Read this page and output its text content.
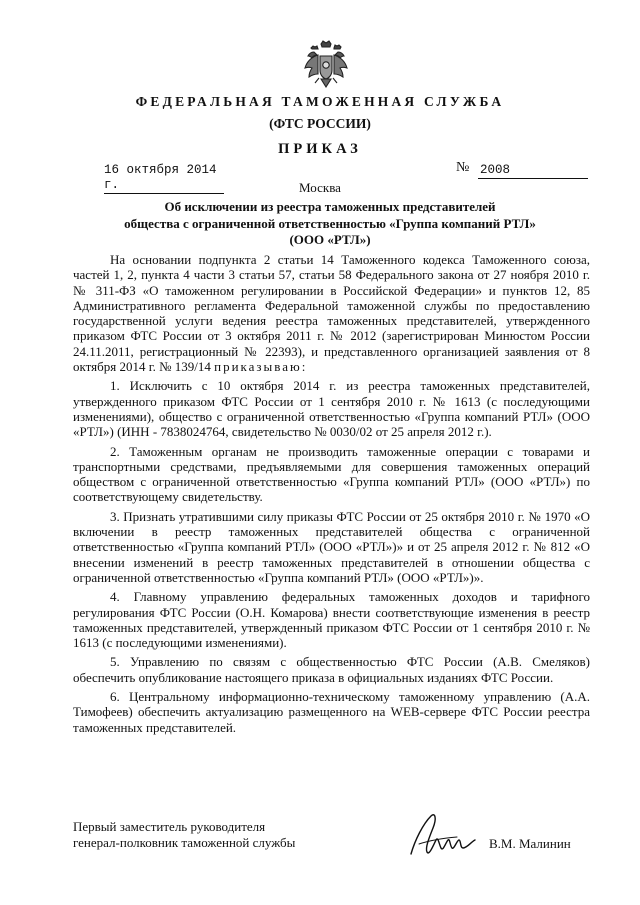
ФЕДЕРАЛЬНАЯ ТАМОЖЕННАЯ СЛУЖБА
(ФТС РОССИИ)
ПРИКАЗ
16 октября 2014 г.
№ 2008
Москва
Об исключении из реестра таможенных представителей
общества с ограниченной ответственностью «Группа компаний РТЛ»
(ООО «РТЛ»)

На основании подпункта 2 статьи 14 Таможенного кодекса Таможенного союза, частей 1, 2, пункта 4 части 3 статьи 57, статьи 58 Федерального закона от 27 ноября 2010 г. № 311-ФЗ «О таможенном регулировании в Российской Федерации» и пунктов 12, 85 Административного регламента Федеральной таможенной службы по предоставлению государственной услуги ведения реестра таможенных представителей, утвержденного приказом ФТС России от 3 октября 2011 г. № 2012 (зарегистрирован Минюстом России 24.11.2011, регистрационный № 22393), и представленного организацией заявления от 8 октября 2014 г. № 139/14 приказываю:

1. Исключить с 10 октября 2014 г. из реестра таможенных представителей, утвержденного приказом ФТС России от 1 сентября 2010 г. № 1613 (с последующими изменениями), общество с ограниченной ответственностью «Группа компаний РТЛ» (ООО «РТЛ») (ИНН - 7838024764, свидетельство № 0030/02 от 25 апреля 2012 г.).

2. Таможенным органам не производить таможенные операции с товарами и транспортными средствами, предъявляемыми для совершения таможенных операций обществом с ограниченной ответственностью «Группа компаний РТЛ» (ООО «РТЛ») по соответствующему свидетельству.

3. Признать утратившими силу приказы ФТС России от 25 октября 2010 г. № 1970 «О включении в реестр таможенных представителей общества с ограниченной ответственностью «Группа компаний РТЛ» (ООО «РТЛ»)» и от 25 апреля 2012 г. № 812 «О внесении изменений в реестр таможенных представителей в отношении общества с ограниченной ответственностью «Группа компаний РТЛ» (ООО «РТЛ»)».

4. Главному управлению федеральных таможенных доходов и тарифного регулирования ФТС России (О.Н. Комарова) внести соответствующие изменения в реестр таможенных представителей, утвержденный приказом ФТС России от 1 сентября 2010 г. № 1613 (с последующими изменениями).

5. Управлению по связям с общественностью ФТС России (А.В. Смеляков) обеспечить опубликование настоящего приказа в официальных изданиях ФТС России.

6. Центральному информационно-техническому таможенному управлению (А.А. Тимофеев) обеспечить актуализацию размещенного на WEB-сервере ФТС России реестра таможенных представителей.

Первый заместитель руководителя
генерал-полковник таможенной службы	В.М. Малинин
